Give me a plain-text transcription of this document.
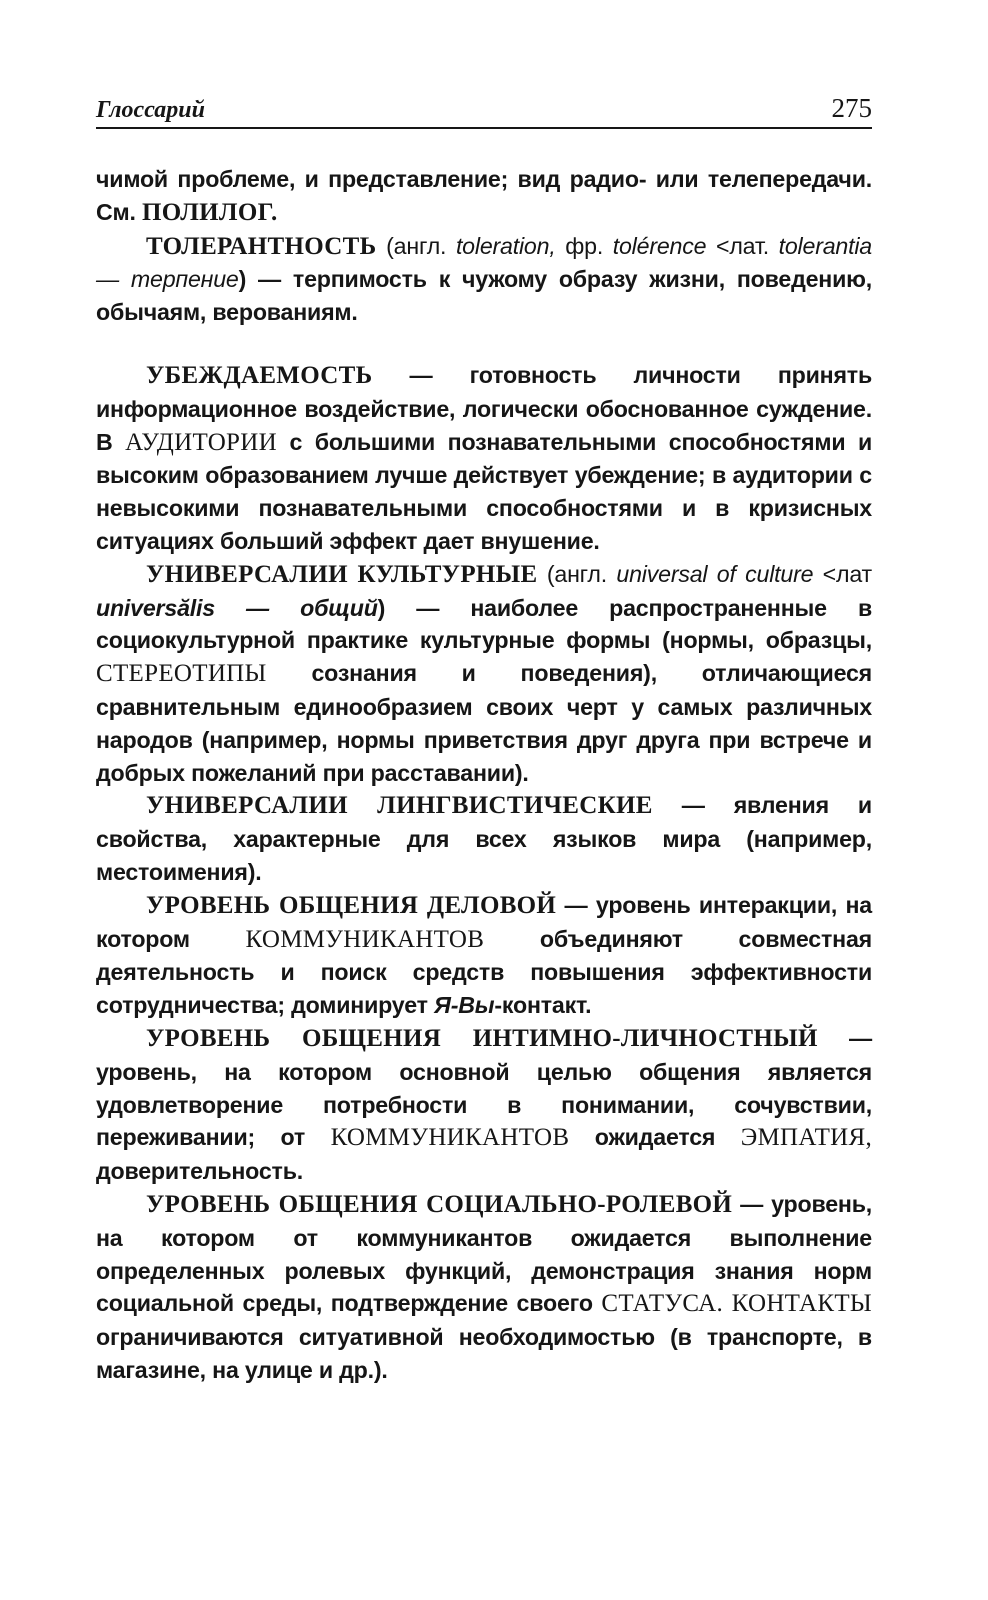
Глоссарий	275

чимой проблеме, и представление; вид радио- или телепередачи. См. ПОЛИЛОГ.

ТОЛЕРАНТНОСТЬ (англ. toleration, фр. tolérence <лат. tolerantia — терпение) — терпимость к чужому образу жизни, поведению, обычаям, верованиям.

УБЕЖДАЕМОСТЬ — готовность личности принять информационное воздействие, логически обоснованное суждение. В АУДИТОРИИ с большими познавательными способностями и высоким образованием лучше действует убеждение; в аудитории с невысокими познавательными способностями и в кризисных ситуациях больший эффект дает внушение.

УНИВЕРСАЛИИ КУЛЬТУРНЫЕ (англ. universal of culture <лат universălis — общий) — наиболее распространенные в социокультурной практике культурные формы (нормы, образцы, СТЕРЕОТИПЫ сознания и поведения), отличающиеся сравнительным единообразием своих черт у самых различных народов (например, нормы приветствия друг друга при встрече и добрых пожеланий при расставании).

УНИВЕРСАЛИИ ЛИНГВИСТИЧЕСКИЕ — явления и свойства, характерные для всех языков мира (например, местоимения).

УРОВЕНЬ ОБЩЕНИЯ ДЕЛОВОЙ — уровень интеракции, на котором КОММУНИКАНТОВ объединяют совместная деятельность и поиск средств повышения эффективности сотрудничества; доминирует Я-Вы-контакт.

УРОВЕНЬ ОБЩЕНИЯ ИНТИМНО-ЛИЧНОСТНЫЙ — уровень, на котором основной целью общения является удовлетворение потребности в понимании, сочувствии, переживании; от КОММУНИКАНТОВ ожидается ЭМПАТИЯ, доверительность.

УРОВЕНЬ ОБЩЕНИЯ СОЦИАЛЬНО-РОЛЕВОЙ — уровень, на котором от коммуникантов ожидается выполнение определенных ролевых функций, демонстрация знания норм социальной среды, подтверждение своего СТАТУСА. КОНТАКТЫ ограничиваются ситуативной необходимостью (в транспорте, в магазине, на улице и др.).
